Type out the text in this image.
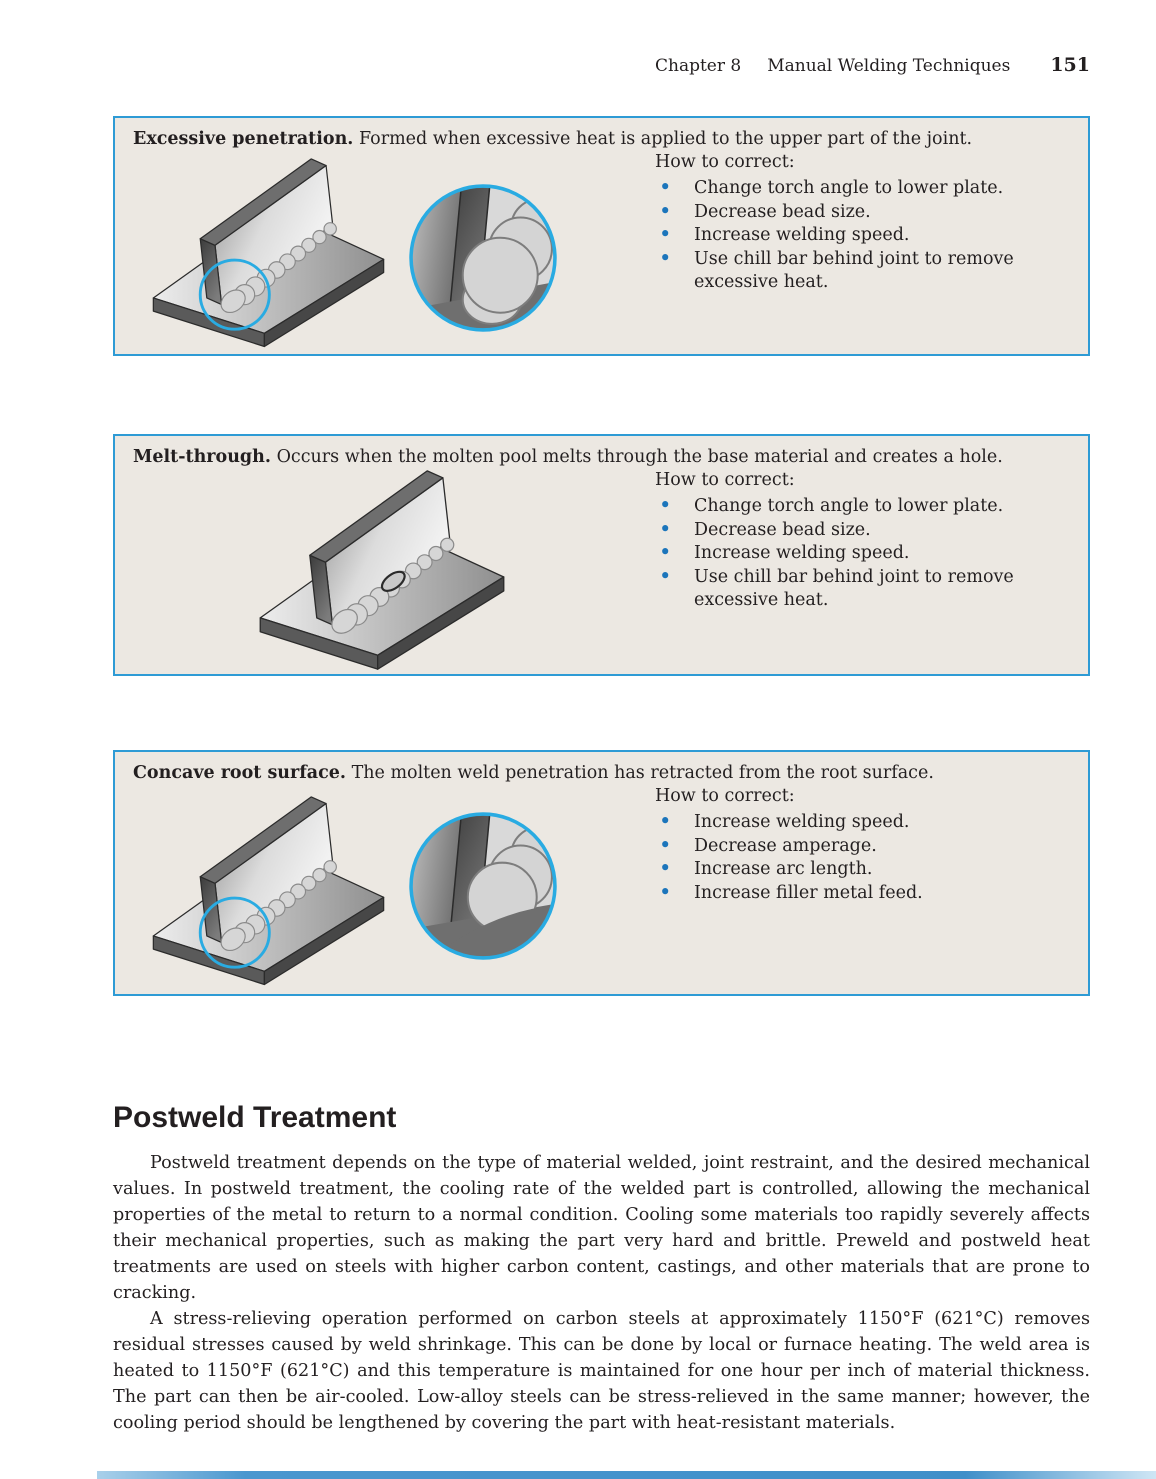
Chapter 8 Manual Welding Techniques 151
Excessive penetration. Formed when excessive heat is applied to the upper part of the joint.
How to correct:
• Change torch angle to lower plate.
• Decrease bead size.
• Increase welding speed.
• Use chill bar behind joint to remove excessive heat.
Melt-through. Occurs when the molten pool melts through the base material and creates a hole.
How to correct:
• Change torch angle to lower plate.
• Decrease bead size.
• Increase welding speed.
• Use chill bar behind joint to remove excessive heat.
Concave root surface. The molten weld penetration has retracted from the root surface.
How to correct:
• Increase welding speed.
• Decrease amperage.
• Increase arc length.
• Increase filler metal feed.
Postweld Treatment

Postweld treatment depends on the type of material welded, joint restraint, and the desired mechanical values. In postweld treatment, the cooling rate of the welded part is controlled, allowing the mechanical properties of the metal to return to a normal condition. Cooling some materials too rapidly severely affects their mechanical properties, such as making the part very hard and brittle. Preweld and postweld heat treatments are used on steels with higher carbon content, castings, and other materials that are prone to cracking.

A stress-relieving operation performed on carbon steels at approximately 1150°F (621°C) removes residual stresses caused by weld shrinkage. This can be done by local or furnace heating. The weld area is heated to 1150°F (621°C) and this temperature is maintained for one hour per inch of material thickness. The part can then be air-cooled. Low-alloy steels can be stress-relieved in the same manner; however, the cooling period should be lengthened by covering the part with heat-resistant materials.
